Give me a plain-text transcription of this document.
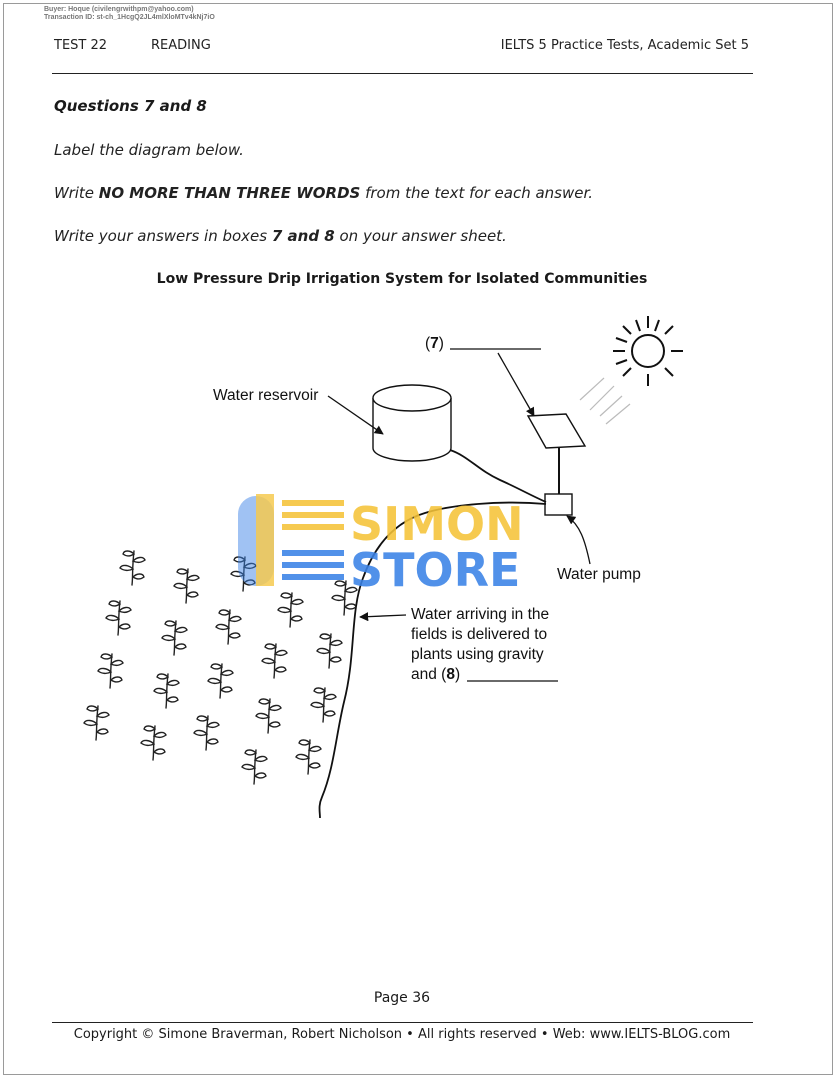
Buyer: Hoque (civilengrwithpm@yahoo.com)
Transaction ID: st-ch_1HcgQ2JL4mlXloMTv4kNj7iO
TEST 22	READING	IELTS 5 Practice Tests, Academic Set 5
Questions 7 and 8
Label the diagram below.
Write NO MORE THAN THREE WORDS from the text for each answer.
Write your answers in boxes 7 and 8 on your answer sheet.
Low Pressure Drip Irrigation System for Isolated Communities
(7)
Water reservoir
Water pump
Water arriving in the
fields is delivered to
plants using gravity
and (8)
SIMON
STORE
Page 36
Copyright © Simone Braverman, Robert Nicholson • All rights reserved • Web: www.IELTS-BLOG.com
